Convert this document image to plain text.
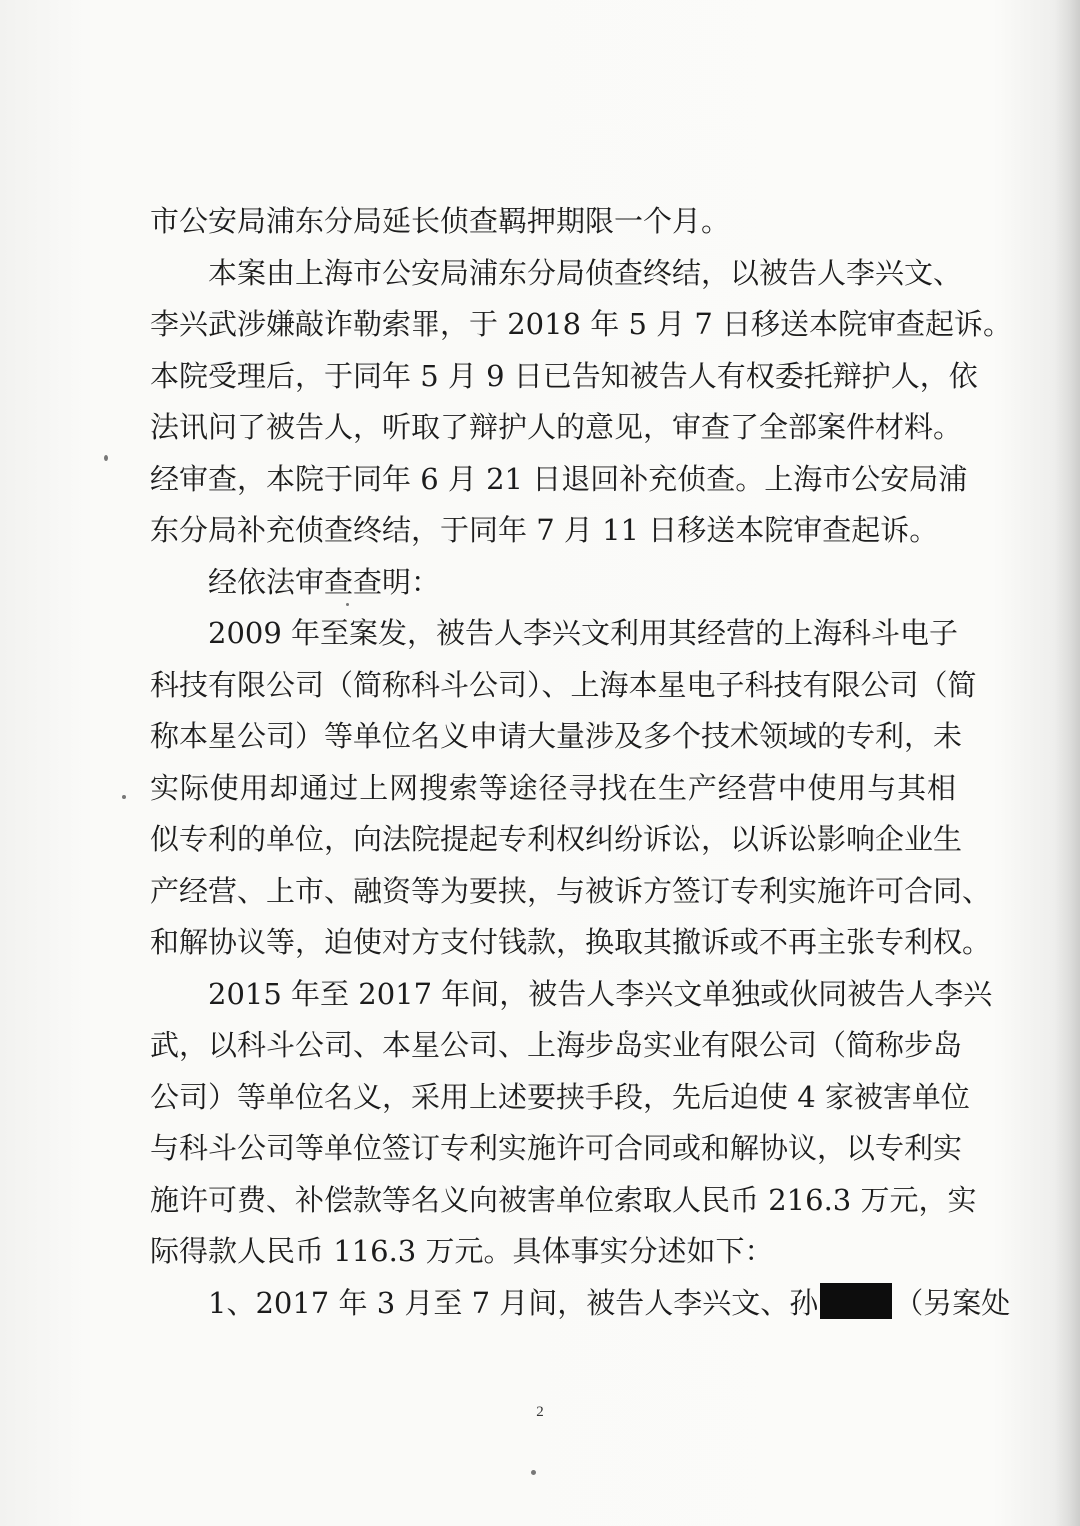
市公安局浦东分局延长侦查羁押期限一个月。
本案由上海市公安局浦东分局侦查终结，以被告人李兴文、
李兴武涉嫌敲诈勒索罪，于 2018 年 5 月 7 日移送本院审查起诉。
本院受理后，于同年 5 月 9 日已告知被告人有权委托辩护人，依
法讯问了被告人，听取了辩护人的意见，审查了全部案件材料。
经审查，本院于同年 6 月 21 日退回补充侦查。上海市公安局浦
东分局补充侦查终结，于同年 7 月 11 日移送本院审查起诉。
经依法审查查明：
2009 年至案发，被告人李兴文利用其经营的上海科斗电子
科技有限公司（简称科斗公司）、上海本星电子科技有限公司（简
称本星公司）等单位名义申请大量涉及多个技术领域的专利，未
实际使用却通过上网搜索等途径寻找在生产经营中使用与其相
似专利的单位，向法院提起专利权纠纷诉讼，以诉讼影响企业生
产经营、上市、融资等为要挟，与被诉方签订专利实施许可合同、
和解协议等，迫使对方支付钱款，换取其撤诉或不再主张专利权。
2015 年至 2017 年间，被告人李兴文单独或伙同被告人李兴
武，以科斗公司、本星公司、上海步岛实业有限公司（简称步岛
公司）等单位名义，采用上述要挟手段，先后迫使 4 家被害单位
与科斗公司等单位签订专利实施许可合同或和解协议，以专利实
施许可费、补偿款等名义向被害单位索取人民币 216.3 万元，实
际得款人民币 116.3 万元。具体事实分述如下：
1、2017 年 3 月至 7 月间，被告人李兴文、孙	（另案处
2
